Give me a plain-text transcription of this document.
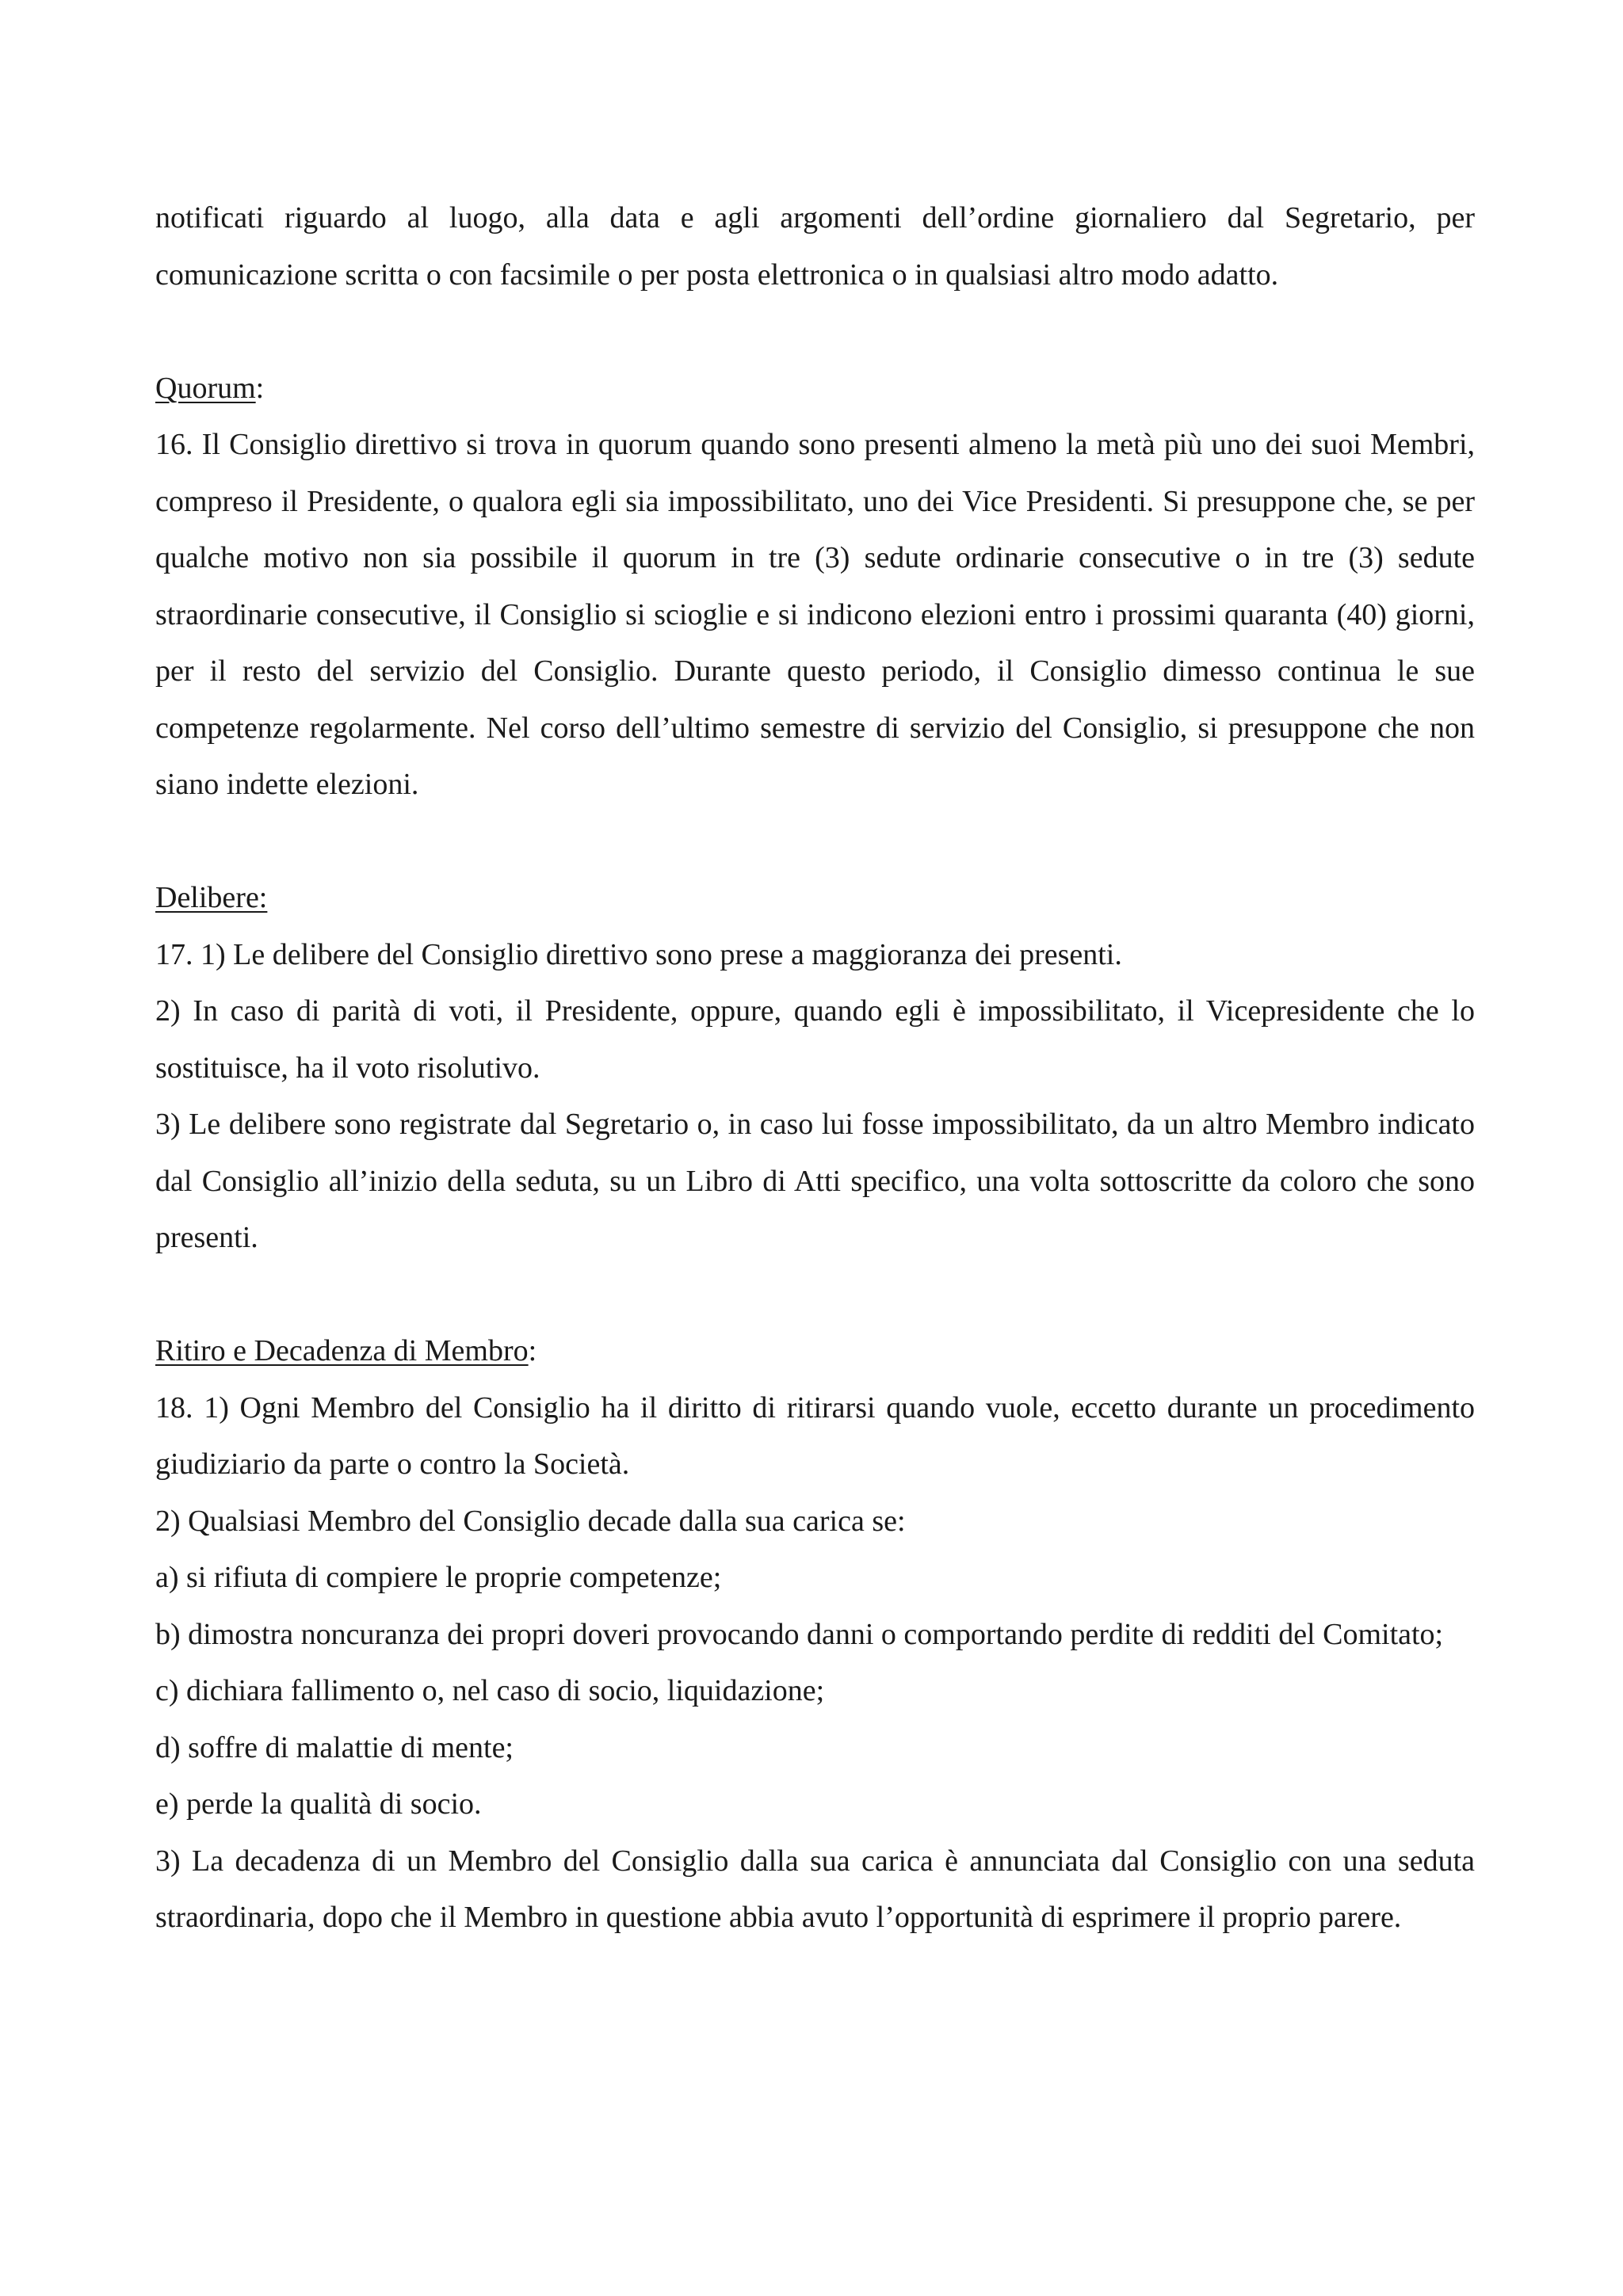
notificati riguardo al luogo, alla data e agli argomenti dell’ordine giornaliero dal Segretario, per comunicazione scritta o con facsimile o per posta elettronica o in qualsiasi altro modo adatto.

Quorum:

16. Il Consiglio direttivo si trova in quorum quando sono presenti almeno la metà più uno dei suoi Membri, compreso il Presidente, o qualora egli sia impossibilitato, uno dei Vice Presidenti. Si presuppone che, se per qualche motivo non sia possibile il quorum in tre (3) sedute ordinarie consecutive o in tre (3) sedute straordinarie consecutive, il Consiglio si scioglie e si indicono elezioni entro i prossimi quaranta (40) giorni, per il resto del servizio del Consiglio. Durante questo periodo, il Consiglio dimesso continua le sue competenze regolarmente. Nel corso dell’ultimo semestre di servizio del Consiglio, si presuppone che non siano indette elezioni.

Delibere:

17. 1) Le delibere del Consiglio direttivo sono prese a maggioranza dei presenti.

2) In caso di parità di voti, il Presidente, oppure, quando egli è impossibilitato, il Vicepresidente che lo sostituisce, ha il voto risolutivo.

3) Le delibere sono registrate dal Segretario o, in caso lui fosse impossibilitato, da un altro Membro indicato dal Consiglio all’inizio della seduta, su un Libro di Atti specifico, una volta sottoscritte da coloro che sono presenti.

Ritiro e Decadenza di Membro:

18. 1) Ogni Membro del Consiglio ha il diritto di ritirarsi quando vuole, eccetto durante un procedimento giudiziario da parte o contro la Società.

2) Qualsiasi Membro del Consiglio decade dalla sua carica se:

a) si rifiuta di compiere le proprie competenze;

b) dimostra noncuranza dei propri doveri provocando danni o comportando perdite di redditi del Comitato;

c) dichiara fallimento o, nel caso di socio, liquidazione;

d) soffre di malattie di mente;

e) perde la qualità di socio.

3) La decadenza di un Membro del Consiglio dalla sua carica è annunciata dal Consiglio con una seduta straordinaria, dopo che il Membro in questione abbia avuto l’opportunità di esprimere il proprio parere.
